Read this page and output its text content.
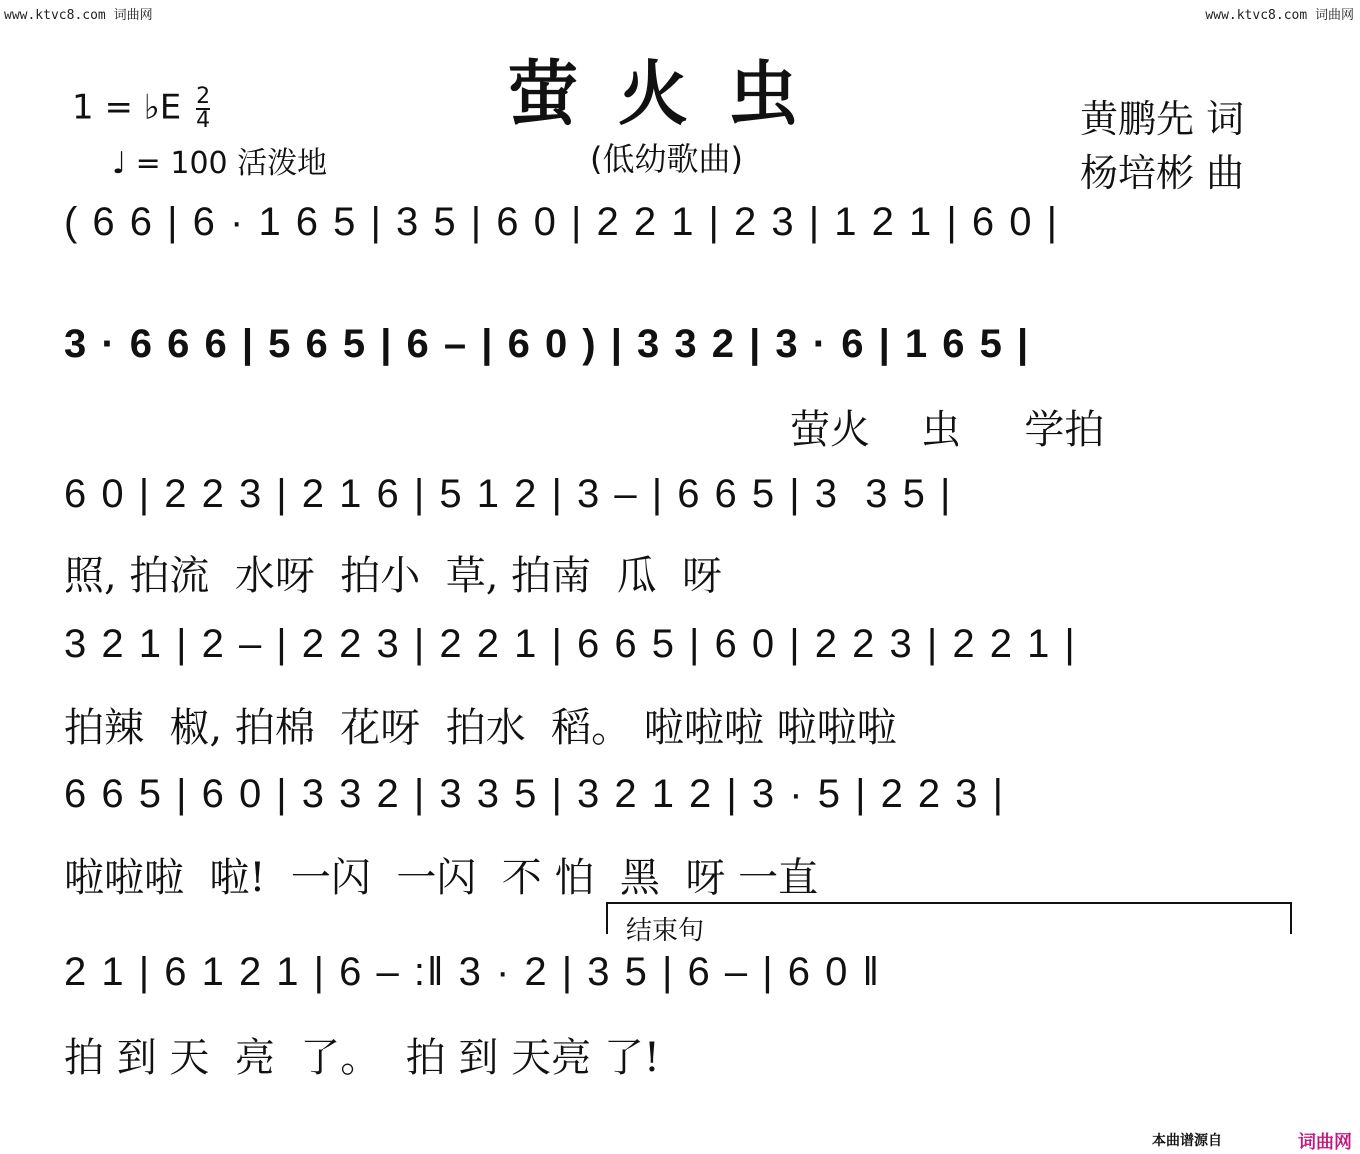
www.ktvc8.com 词曲网	www.ktvc8.com 词曲网
萤火虫
(低幼歌曲)
1 = ♭E $\frac{2}{4}$
♩ = 100 活泼地
黄鹏先 词
杨培彬 曲
( 6 6 | 6 · 1 6 5 | 3 5 | 6 0 | 2 2 1 | 2 3 | 1 2 1 | 6 0 |
3 · 6 6 6 | 5 6 5 | 6 – | 6 0 ) | 3 3 2 | 3 · 6 | 1 6 5 |
萤火    虫     学拍
6 0 | 2 2 3 | 2 1 6 | 5 1 2 | 3 – | 6 6 5 | 3  3 5 |
照, 拍流  水呀  拍小  草, 拍南  瓜  呀
3 2 1 | 2 – | 2 2 3 | 2 2 1 | 6 6 5 | 6 0 | 2 2 3 | 2 2 1 |
拍辣  椒, 拍棉  花呀  拍水  稻。 啦啦啦 啦啦啦
6 6 5 | 6 0 | 3 3 2 | 3 3 5 | 3 2 1 2 | 3 · 5 | 2 2 3 |
啦啦啦  啦!  一闪  一闪  不 怕  黑  呀 一直
结束句
2 1 | 6 1 2 1 | 6 – :‖ 3 · 2 | 3 5 | 6 – | 6 0 ‖
拍 到 天  亮  了。  拍 到 天亮 了!
本曲谱源自	词曲网
